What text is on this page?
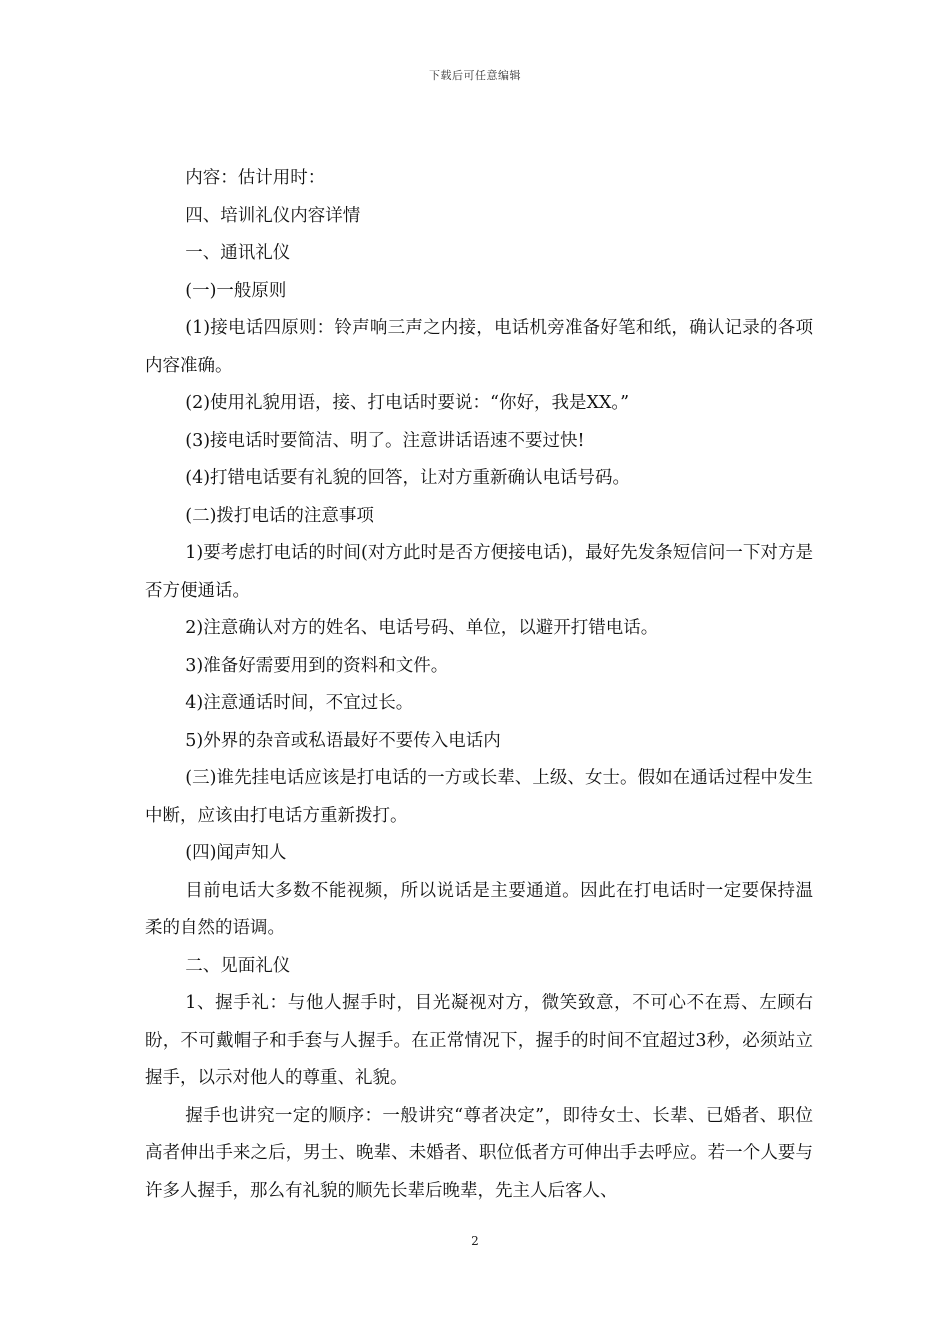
下载后可任意编辑

内容：估计用时：

四、培训礼仪内容详情

一、通讯礼仪

(一)一般原则

(1)接电话四原则：铃声响三声之内接，电话机旁准备好笔和纸，确认记录的各项内容准确。

(2)使用礼貌用语，接、打电话时要说：“你好，我是XX。”

(3)接电话时要简洁、明了。注意讲话语速不要过快!

(4)打错电话要有礼貌的回答，让对方重新确认电话号码。

(二)拨打电话的注意事项

1)要考虑打电话的时间(对方此时是否方便接电话)，最好先发条短信问一下对方是否方便通话。

2)注意确认对方的姓名、电话号码、单位，以避开打错电话。

3)准备好需要用到的资料和文件。

4)注意通话时间，不宜过长。

5)外界的杂音或私语最好不要传入电话内

(三)谁先挂电话应该是打电话的一方或长辈、上级、女士。假如在通话过程中发生中断，应该由打电话方重新拨打。

(四)闻声知人

目前电话大多数不能视频，所以说话是主要通道。因此在打电话时一定要保持温柔的自然的语调。

二、见面礼仪

1、握手礼：与他人握手时，目光凝视对方，微笑致意，不可心不在焉、左顾右盼，不可戴帽子和手套与人握手。在正常情况下，握手的时间不宜超过3秒，必须站立握手，以示对他人的尊重、礼貌。

握手也讲究一定的顺序：一般讲究“尊者决定”，即待女士、长辈、已婚者、职位高者伸出手来之后，男士、晚辈、未婚者、职位低者方可伸出手去呼应。若一个人要与许多人握手，那么有礼貌的顺先长辈后晚辈，先主人后客人、

2
